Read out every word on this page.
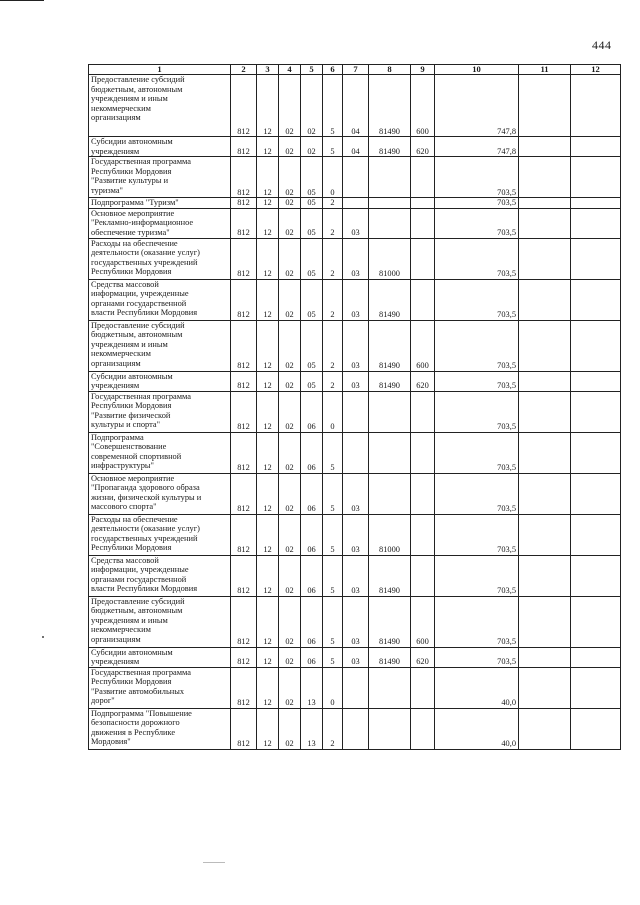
444
1	2	3	4	5	6	7	8	9	10	11	12
Предоставление субсидий
бюджетным, автономным
учреждениям и иным
некоммерческим
организациям	812	12	02	02	5	04	81490	600	747,8		
Субсидии автономным
учреждениям	812	12	02	02	5	04	81490	620	747,8		
Государственная программа
Республики Мордовия
"Развитие культуры и
туризма"	812	12	02	05	0				703,5		
Подпрограмма "Туризм"	812	12	02	05	2				703,5		
Основное мероприятие
"Рекламно-информационное
обеспечение туризма"	812	12	02	05	2	03			703,5		
Расходы на обеспечение
деятельности (оказание услуг)
государственных учреждений
Республики Мордовия	812	12	02	05	2	03	81000		703,5		
Средства массовой
информации, учрежденные
органами государственной
власти Республики Мордовия	812	12	02	05	2	03	81490		703,5		
Предоставление субсидий
бюджетным, автономным
учреждениям и иным
некоммерческим
организациям	812	12	02	05	2	03	81490	600	703,5		
Субсидии автономным
учреждениям	812	12	02	05	2	03	81490	620	703,5		
Государственная программа
Республики Мордовия
"Развитие физической
культуры и спорта"	812	12	02	06	0				703,5		
Подпрограмма
"Совершенствование
современной спортивной
инфраструктуры"	812	12	02	06	5				703,5		
Основное мероприятие
"Пропаганда здорового образа
жизни, физической культуры и
массового спорта"	812	12	02	06	5	03			703,5		
Расходы на обеспечение
деятельности (оказание услуг)
государственных учреждений
Республики Мордовия	812	12	02	06	5	03	81000		703,5		
Средства массовой
информации, учрежденные
органами государственной
власти Республики Мордовия	812	12	02	06	5	03	81490		703,5		
Предоставление субсидий
бюджетным, автономным
учреждениям и иным
некоммерческим
организациям	812	12	02	06	5	03	81490	600	703,5		
Субсидии автономным
учреждениям	812	12	02	06	5	03	81490	620	703,5		
Государственная программа
Республики Мордовия
"Развитие автомобильных
дорог"	812	12	02	13	0				40,0		
Подпрограмма "Повышение
безопасности дорожного
движения в Республике
Мордовия"	812	12	02	13	2				40,0		
